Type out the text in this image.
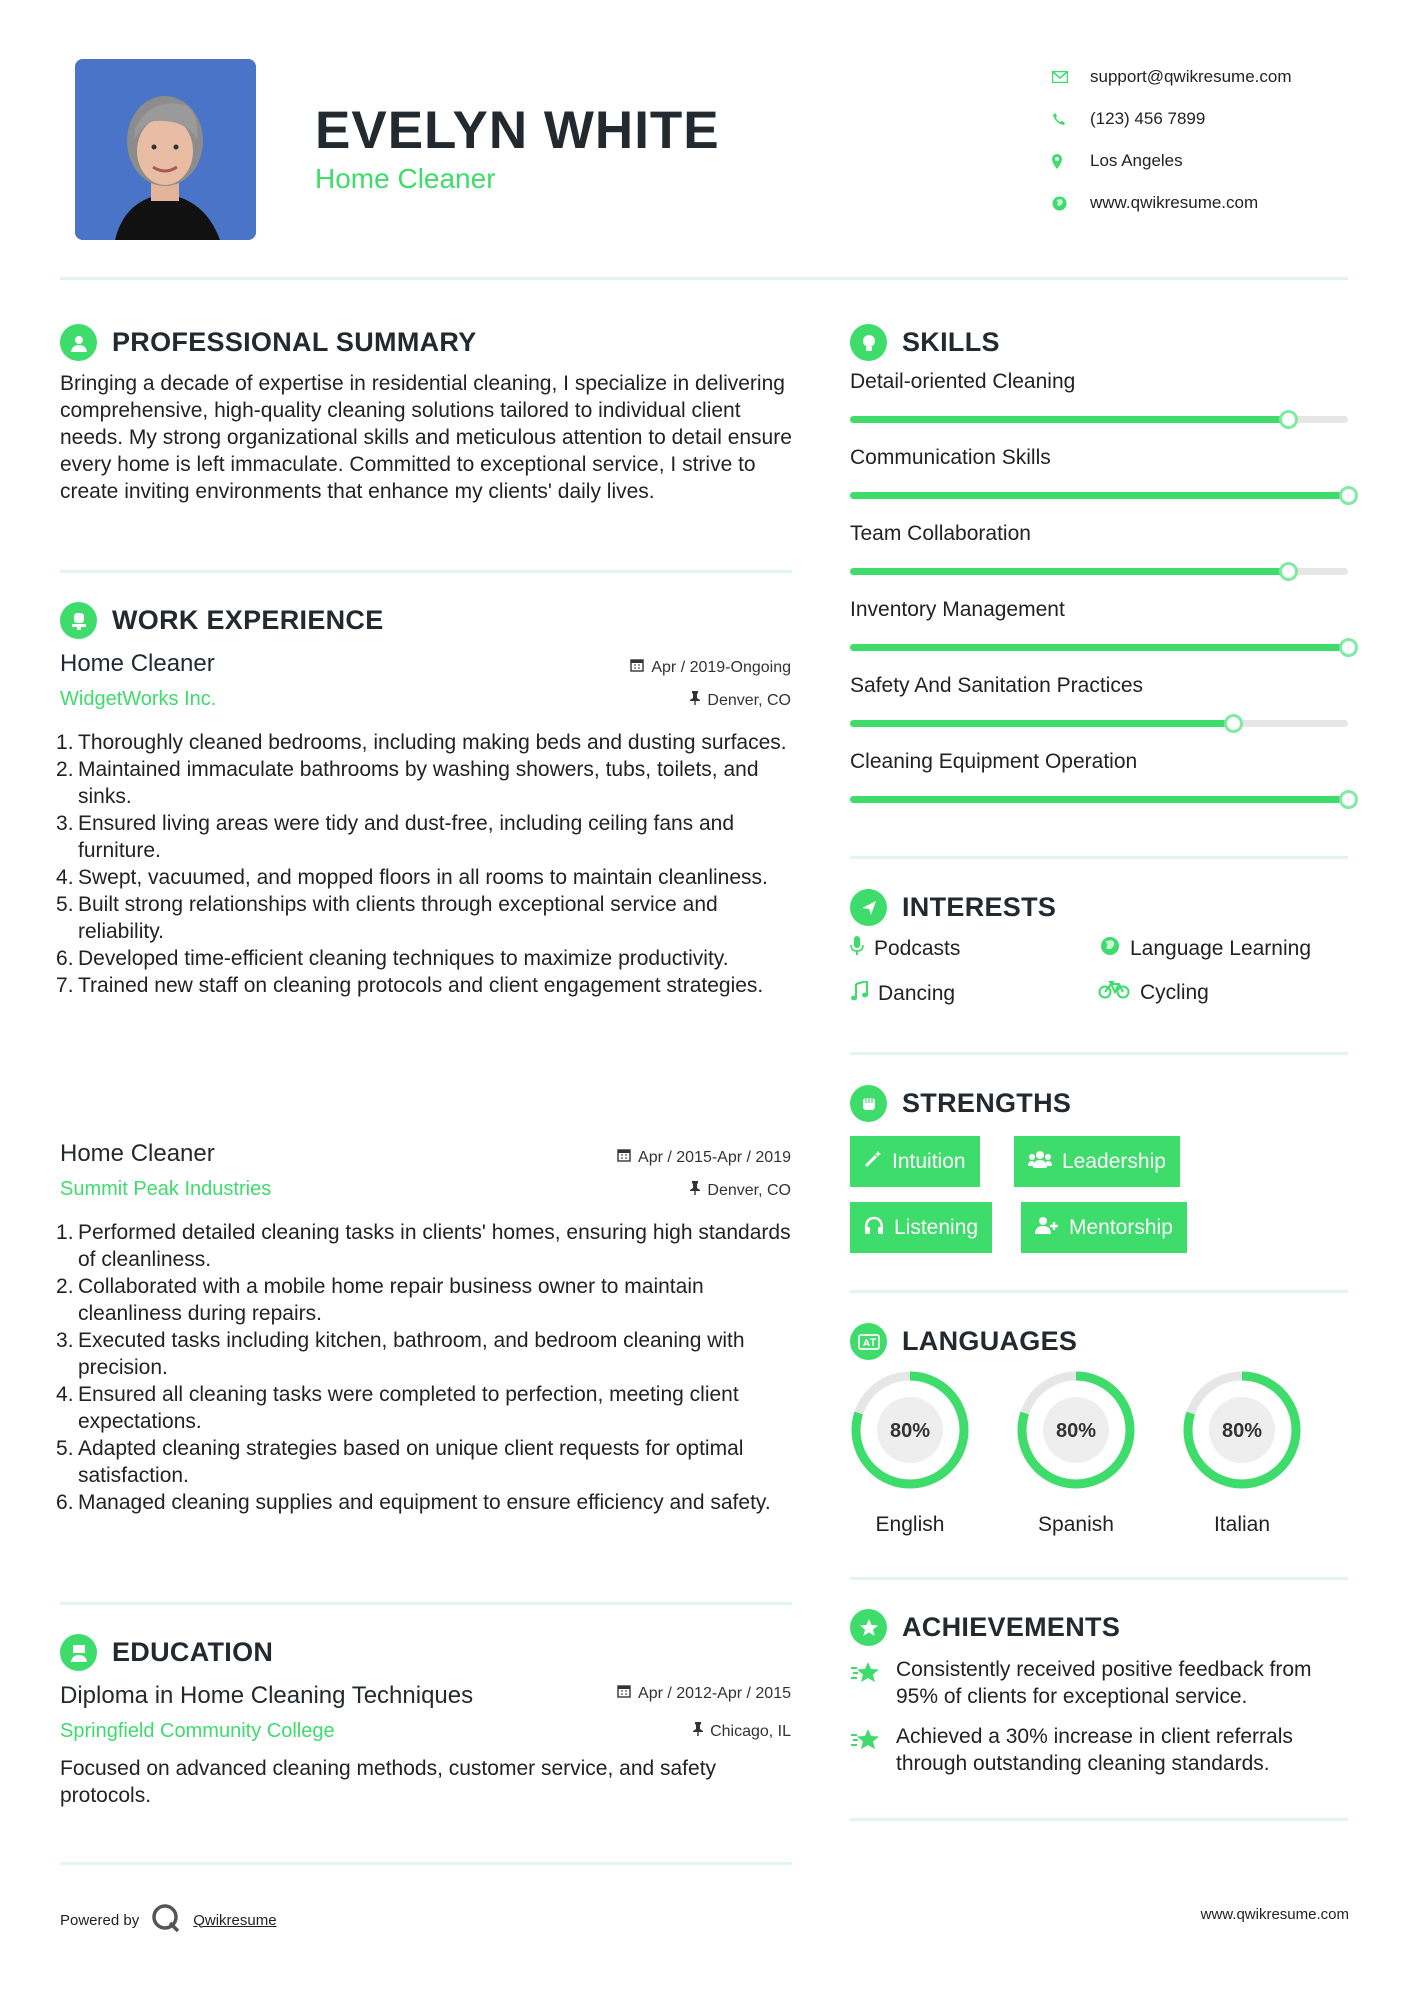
EVELYN WHITE
Home Cleaner
support@qwikresume.com
(123) 456 7899
Los Angeles
www.qwikresume.com
PROFESSIONAL SUMMARY
Bringing a decade of expertise in residential cleaning, I specialize in delivering comprehensive, high-quality cleaning solutions tailored to individual client needs. My strong organizational skills and meticulous attention to detail ensure every home is left immaculate. Committed to exceptional service, I strive to create inviting environments that enhance my clients' daily lives.
WORK EXPERIENCE
Home Cleaner	Apr / 2019-Ongoing
WidgetWorks Inc.	Denver, CO
Thoroughly cleaned bedrooms, including making beds and dusting surfaces.
Maintained immaculate bathrooms by washing showers, tubs, toilets, and sinks.
Ensured living areas were tidy and dust-free, including ceiling fans and furniture.
Swept, vacuumed, and mopped floors in all rooms to maintain cleanliness.
Built strong relationships with clients through exceptional service and reliability.
Developed time-efficient cleaning techniques to maximize productivity.
Trained new staff on cleaning protocols and client engagement strategies.
Home Cleaner	Apr / 2015-Apr / 2019
Summit Peak Industries	Denver, CO
Performed detailed cleaning tasks in clients' homes, ensuring high standards of cleanliness.
Collaborated with a mobile home repair business owner to maintain cleanliness during repairs.
Executed tasks including kitchen, bathroom, and bedroom cleaning with precision.
Ensured all cleaning tasks were completed to perfection, meeting client expectations.
Adapted cleaning strategies based on unique client requests for optimal satisfaction.
Managed cleaning supplies and equipment to ensure efficiency and safety.
EDUCATION
Diploma in Home Cleaning Techniques	Apr / 2012-Apr / 2015
Springfield Community College	Chicago, IL
Focused on advanced cleaning methods, customer service, and safety protocols.
SKILLS
Detail-oriented Cleaning
Communication Skills
Team Collaboration
Inventory Management
Safety And Sanitation Practices
Cleaning Equipment Operation
INTERESTS
Podcasts	Language Learning
Dancing	Cycling
STRENGTHS
Intuition	Leadership
Listening	Mentorship
A LANGUAGES
80%
English
80%
Spanish
80%
Italian
ACHIEVEMENTS
Consistently received positive feedback from 95% of clients for exceptional service.
Achieved a 30% increase in client referrals through outstanding cleaning standards.
Powered by	Qwikresume	www.qwikresume.com
